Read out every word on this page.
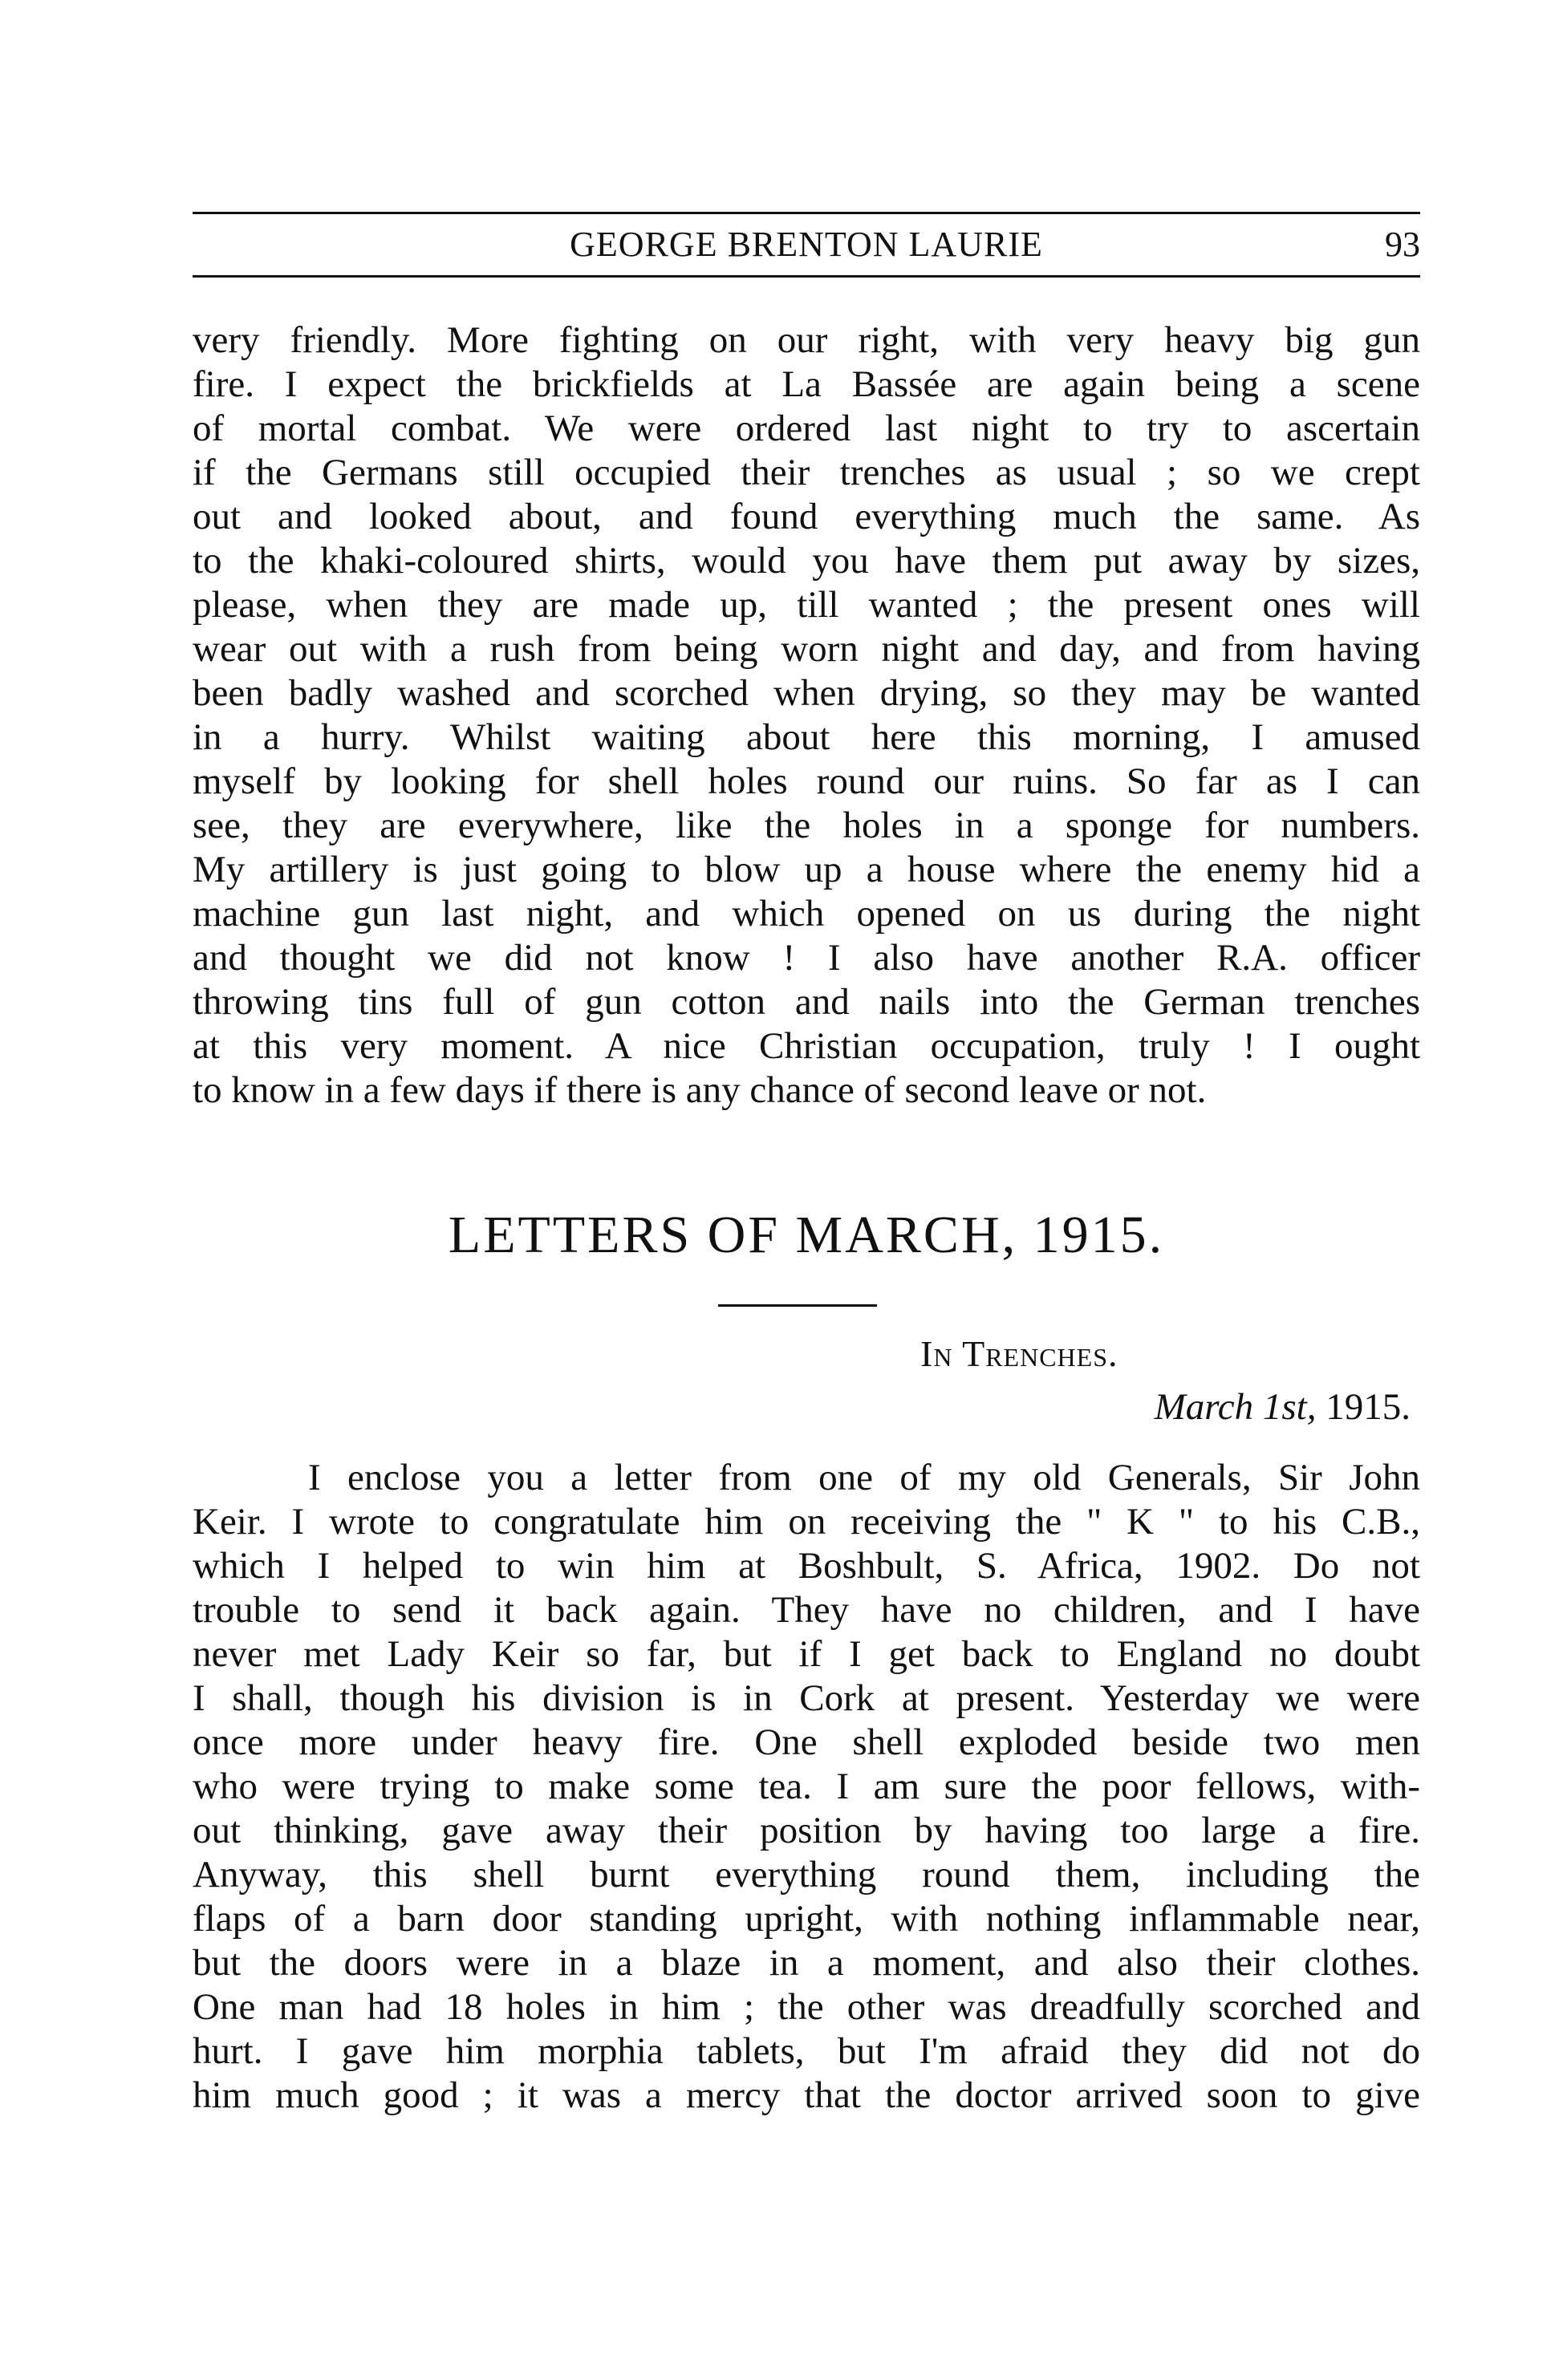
GEORGE BRENTON LAURIE	93
very friendly. More fighting on our right, with very heavy big gun
fire. I expect the brickfields at La Bassée are again being a scene
of mortal combat. We were ordered last night to try to ascertain
if the Germans still occupied their trenches as usual ; so we crept
out and looked about, and found everything much the same. As
to the khaki-coloured shirts, would you have them put away by sizes,
please, when they are made up, till wanted ; the present ones will
wear out with a rush from being worn night and day, and from having
been badly washed and scorched when drying, so they may be wanted
in a hurry. Whilst waiting about here this morning, I amused
myself by looking for shell holes round our ruins. So far as I can
see, they are everywhere, like the holes in a sponge for numbers.
My artillery is just going to blow up a house where the enemy hid a
machine gun last night, and which opened on us during the night
and thought we did not know ! I also have another R.A. officer
throwing tins full of gun cotton and nails into the German trenches
at this very moment. A nice Christian occupation, truly ! I ought
to know in a few days if there is any chance of second leave or not.
LETTERS OF MARCH, 1915.
In Trenches.
March 1st, 1915.
I enclose you a letter from one of my old Generals, Sir John
Keir. I wrote to congratulate him on receiving the " K " to his C.B.,
which I helped to win him at Boshbult, S. Africa, 1902. Do not
trouble to send it back again. They have no children, and I have
never met Lady Keir so far, but if I get back to England no doubt
I shall, though his division is in Cork at present. Yesterday we were
once more under heavy fire. One shell exploded beside two men
who were trying to make some tea. I am sure the poor fellows, with-
out thinking, gave away their position by having too large a fire.
Anyway, this shell burnt everything round them, including the
flaps of a barn door standing upright, with nothing inflammable near,
but the doors were in a blaze in a moment, and also their clothes.
One man had 18 holes in him ; the other was dreadfully scorched and
hurt. I gave him morphia tablets, but I'm afraid they did not do
him much good ; it was a mercy that the doctor arrived soon to give
